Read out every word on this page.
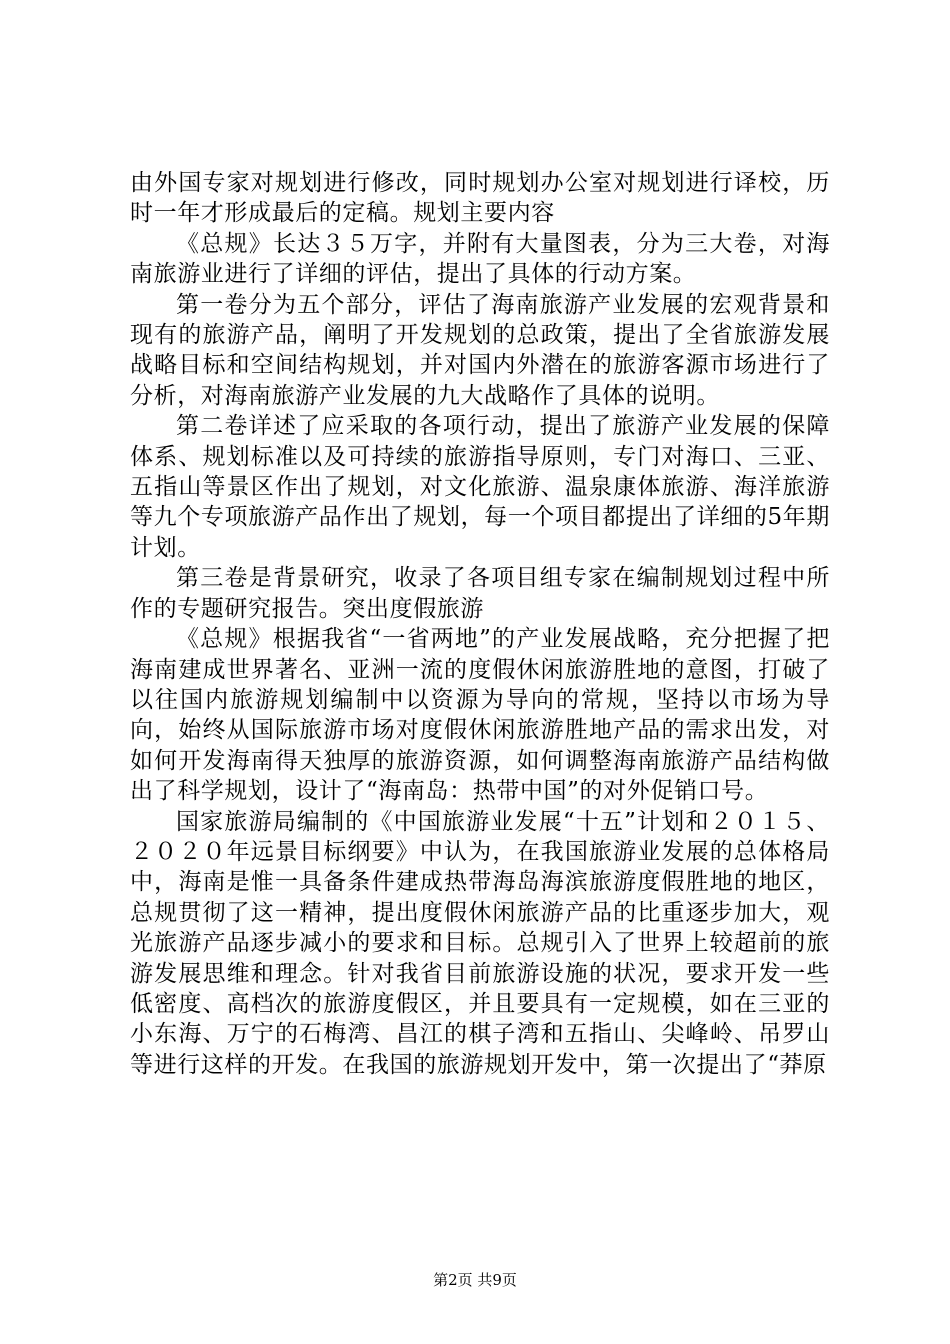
由外国专家对规划进行修改，同时规划办公室对规划进行译校，历时一年才形成最后的定稿。规划主要内容

《总规》长达３５万字，并附有大量图表，分为三大卷，对海南旅游业进行了详细的评估，提出了具体的行动方案。

第一卷分为五个部分，评估了海南旅游产业发展的宏观背景和现有的旅游产品，阐明了开发规划的总政策，提出了全省旅游发展战略目标和空间结构规划，并对国内外潜在的旅游客源市场进行了分析，对海南旅游产业发展的九大战略作了具体的说明。

第二卷详述了应采取的各项行动，提出了旅游产业发展的保障体系、规划标准以及可持续的旅游指导原则，专门对海口、三亚、五指山等景区作出了规划，对文化旅游、温泉康体旅游、海洋旅游等九个专项旅游产品作出了规划，每一个项目都提出了详细的5年期计划。

第三卷是背景研究，收录了各项目组专家在编制规划过程中所作的专题研究报告。突出度假旅游

《总规》根据我省“一省两地”的产业发展战略，充分把握了把海南建成世界著名、亚洲一流的度假休闲旅游胜地的意图，打破了以往国内旅游规划编制中以资源为导向的常规，坚持以市场为导向，始终从国际旅游市场对度假休闲旅游胜地产品的需求出发，对如何开发海南得天独厚的旅游资源，如何调整海南旅游产品结构做出了科学规划，设计了“海南岛：热带中国”的对外促销口号。

国家旅游局编制的《中国旅游业发展“十五”计划和２０１５、２０２０年远景目标纲要》中认为，在我国旅游业发展的总体格局中，海南是惟一具备条件建成热带海岛海滨旅游度假胜地的地区，总规贯彻了这一精神，提出度假休闲旅游产品的比重逐步加大，观光旅游产品逐步减小的要求和目标。总规引入了世界上较超前的旅游发展思维和理念。针对我省目前旅游设施的状况，要求开发一些低密度、高档次的旅游度假区，并且要具有一定规模，如在三亚的小东海、万宁的石梅湾、昌江的棋子湾和五指山、尖峰岭、吊罗山等进行这样的开发。在我国的旅游规划开发中，第一次提出了“莽原

第2页 共9页
